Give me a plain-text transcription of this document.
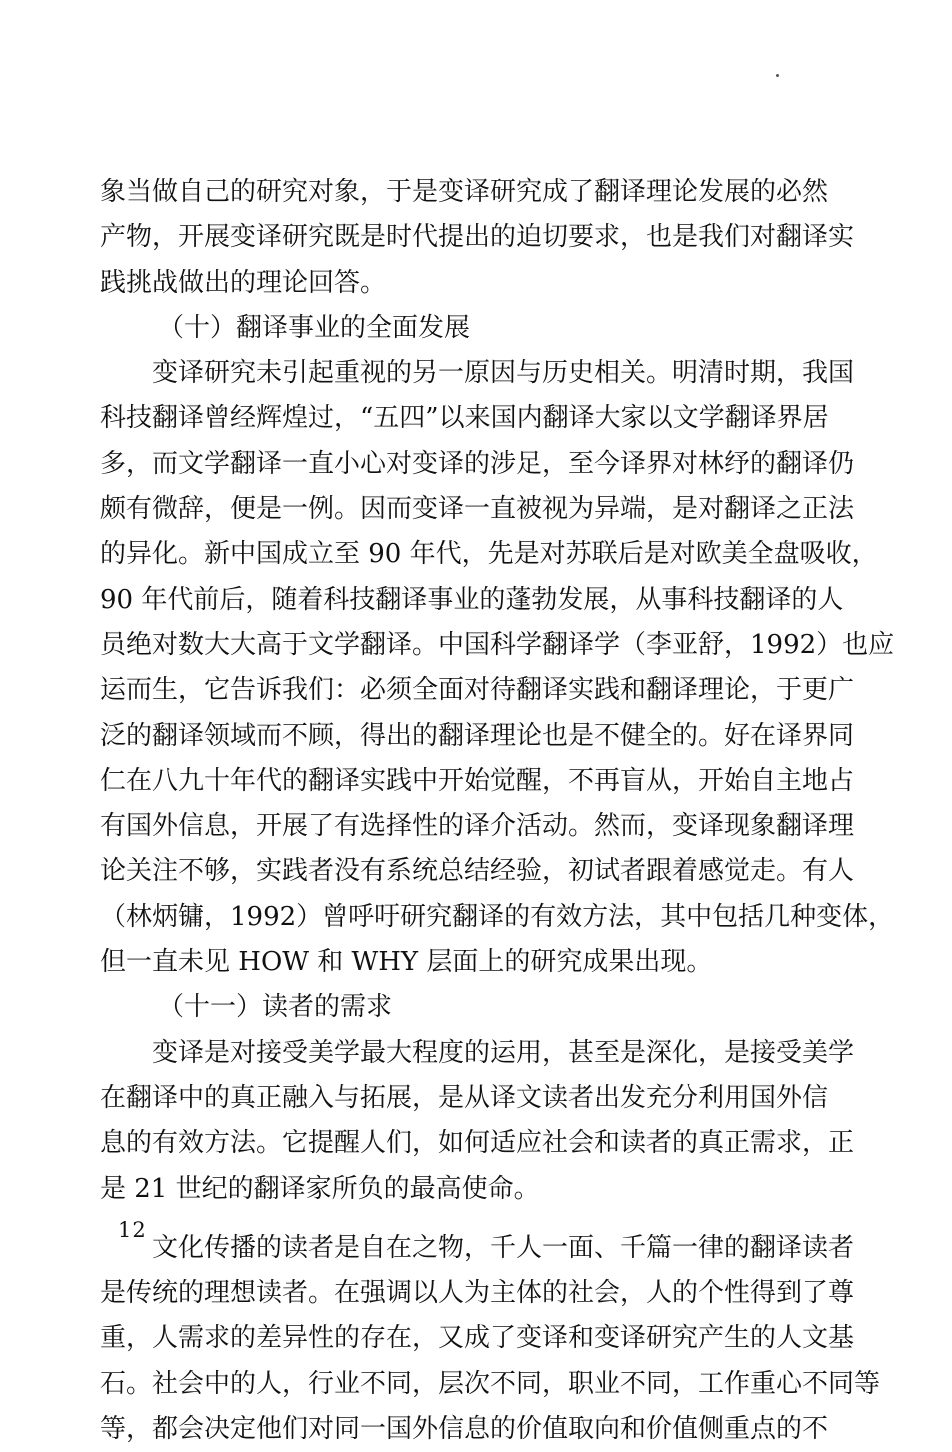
象当做自己的研究对象，于是变译研究成了翻译理论发展的必然
产物，开展变译研究既是时代提出的迫切要求，也是我们对翻译实
践挑战做出的理论回答。
（十）翻译事业的全面发展
变译研究未引起重视的另一原因与历史相关。明清时期，我国
科技翻译曾经辉煌过，“五四”以来国内翻译大家以文学翻译界居
多，而文学翻译一直小心对变译的涉足，至今译界对林纾的翻译仍
颇有微辞，便是一例。因而变译一直被视为异端，是对翻译之正法
的异化。新中国成立至 90 年代，先是对苏联后是对欧美全盘吸收，
90 年代前后，随着科技翻译事业的蓬勃发展，从事科技翻译的人
员绝对数大大高于文学翻译。中国科学翻译学（李亚舒，1992）也应
运而生，它告诉我们：必须全面对待翻译实践和翻译理论，于更广
泛的翻译领域而不顾，得出的翻译理论也是不健全的。好在译界同
仁在八九十年代的翻译实践中开始觉醒，不再盲从，开始自主地占
有国外信息，开展了有选择性的译介活动。然而，变译现象翻译理
论关注不够，实践者没有系统总结经验，初试者跟着感觉走。有人
（林炳镛，1992）曾呼吁研究翻译的有效方法，其中包括几种变体，
但一直未见 HOW 和 WHY 层面上的研究成果出现。
（十一）读者的需求
变译是对接受美学最大程度的运用，甚至是深化，是接受美学
在翻译中的真正融入与拓展，是从译文读者出发充分利用国外信
息的有效方法。它提醒人们，如何适应社会和读者的真正需求，正
是 21 世纪的翻译家所负的最高使命。
文化传播的读者是自在之物，千人一面、千篇一律的翻译读者
是传统的理想读者。在强调以人为主体的社会，人的个性得到了尊
重，人需求的差异性的存在，又成了变译和变译研究产生的人文基
石。社会中的人，行业不同，层次不同，职业不同，工作重心不同等
等，都会决定他们对同一国外信息的价值取向和价值侧重点的不
12
